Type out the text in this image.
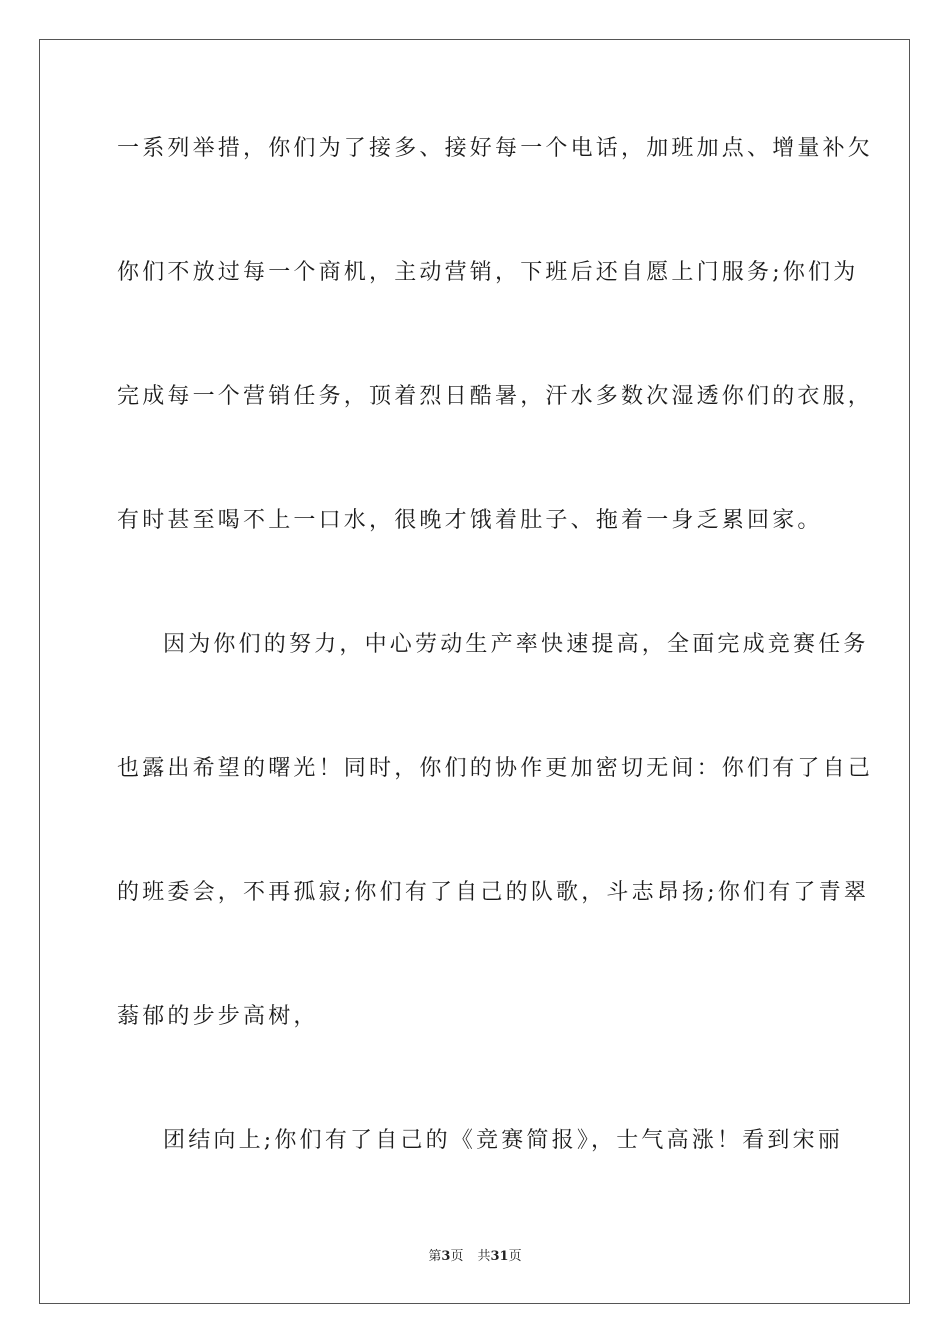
一系列举措，你们为了接多、接好每一个电话，加班加点、增量补欠
你们不放过每一个商机，主动营销，下班后还自愿上门服务;你们为
完成每一个营销任务，顶着烈日酷暑，汗水多数次湿透你们的衣服，
有时甚至喝不上一口水，很晚才饿着肚子、拖着一身乏累回家。
因为你们的努力，中心劳动生产率快速提高，全面完成竞赛任务
也露出希望的曙光！同时，你们的协作更加密切无间：你们有了自己
的班委会，不再孤寂;你们有了自己的队歌，斗志昂扬;你们有了青翠
蓊郁的步步高树，
团结向上;你们有了自己的《竞赛简报》，士气高涨！看到宋丽
第3页 共31页
